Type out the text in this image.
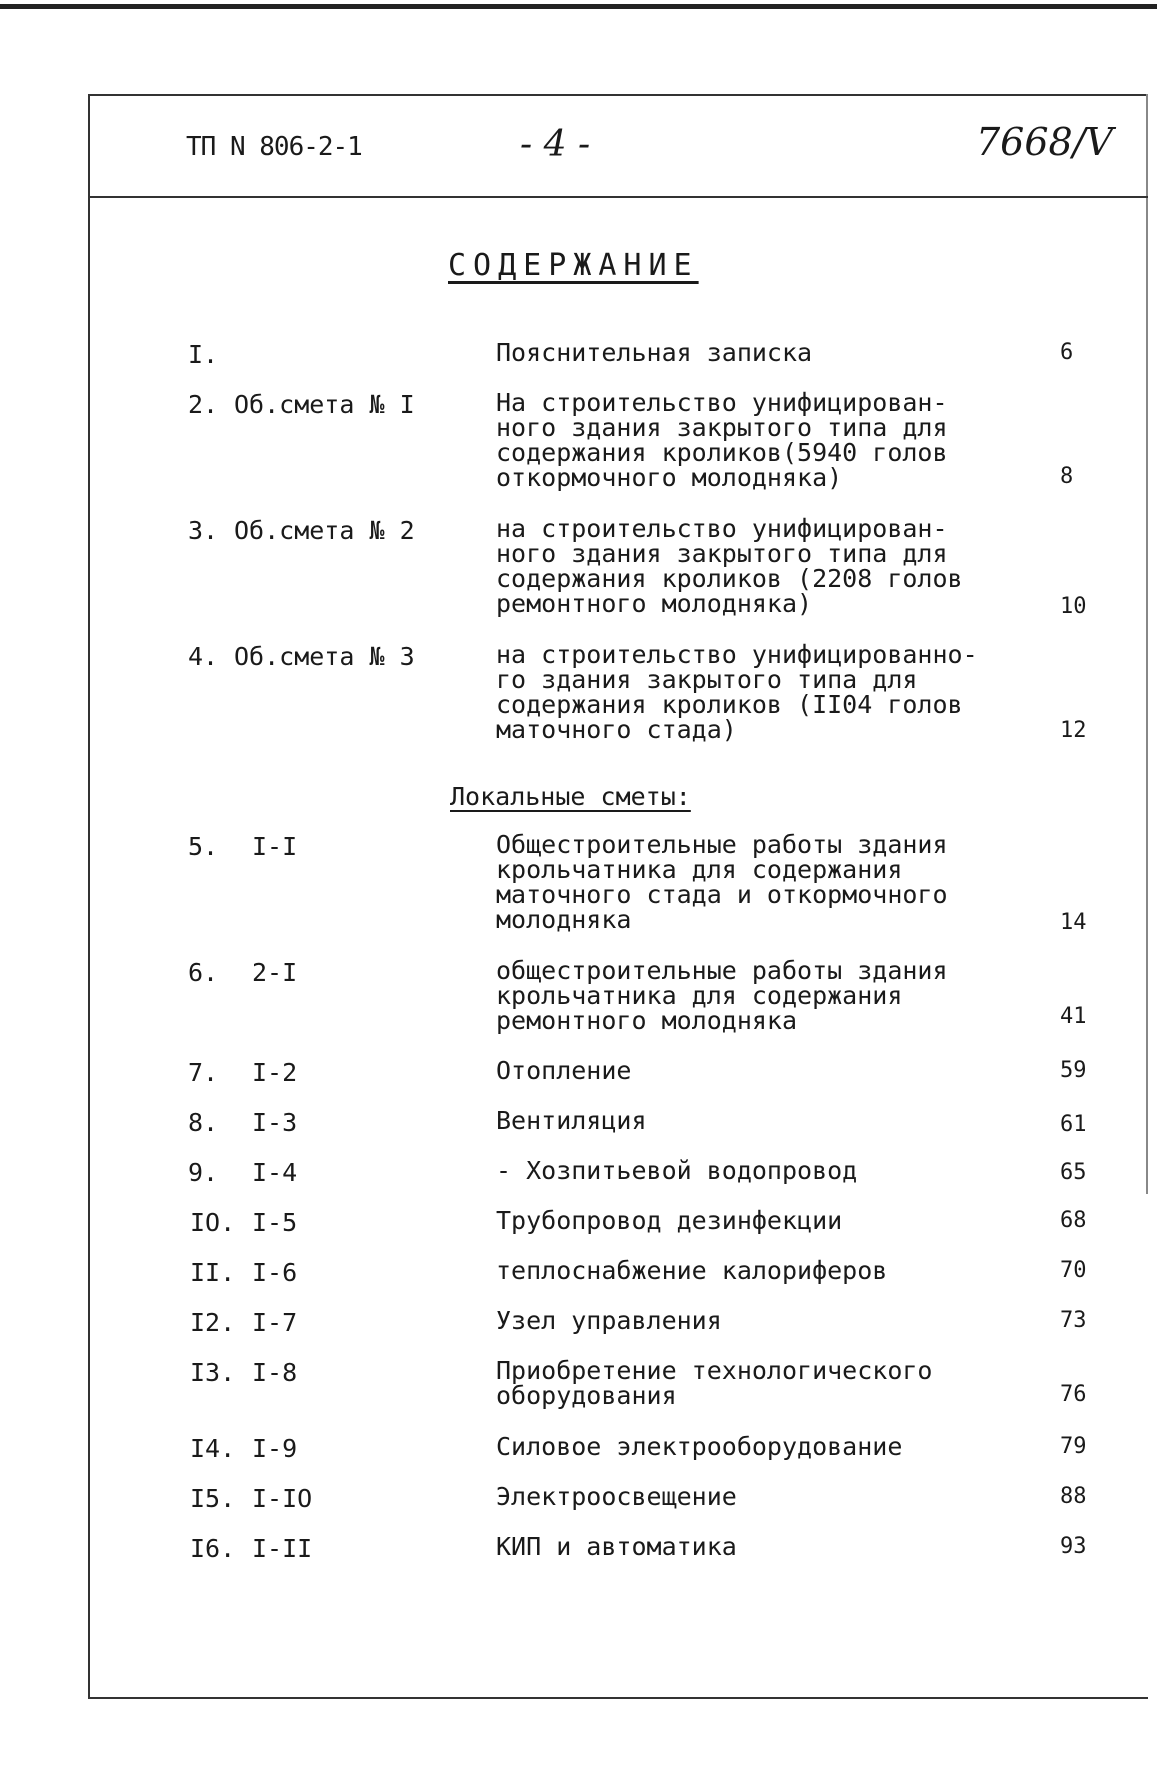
ТП N 806-2-1	- 4 -	7668/V
СОДЕРЖАНИЕ
I.	Пояснительная записка	6
2. Об.смета № I	На строительство унифицирован-
ного здания закрытого типа для
содержания кроликов(5940 голов
откормочного молодняка)	8
3. Об.смета № 2	на строительство унифицирован-
ного здания закрытого типа для
содержания кроликов (2208 голов
ремонтного молодняка)	10
4. Об.смета № 3	на строительство унифицированно-
го здания закрытого типа для
содержания кроликов (II04 голов
маточного стада)	12
Локальные сметы:
5. I-I	Общестроительные работы здания
крольчатника для содержания
маточного стада и откормочного
молодняка	14
6. 2-I	общестроительные работы здания
крольчатника для содержания
ремонтного молодняка	41
7. I-2	Отопление	59
8. I-3	Вентиляция	61
9. I-4	- Хозпитьевой водопровод	65
IO. I-5	Трубопровод дезинфекции	68
II. I-6	теплоснабжение калориферов	70
I2. I-7	Узел управления	73
I3. I-8	Приобретение технологического
оборудования	76
I4. I-9	Силовое электрооборудование	79
I5. I-IO	Электроосвещение	88
I6. I-II	КИП и автоматика	93
